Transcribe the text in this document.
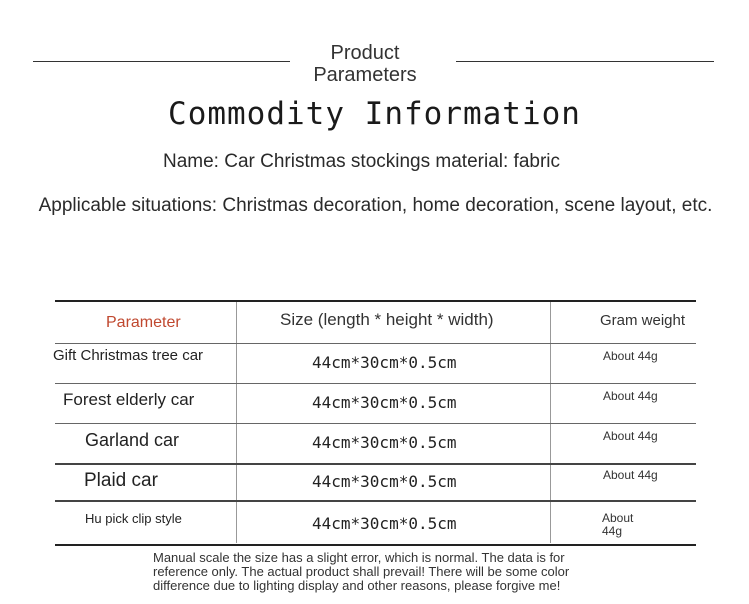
Product
Parameters
Commodity Information
Name: Car Christmas stockings material: fabric
Applicable situations: Christmas decoration, home decoration, scene layout, etc.
Parameter	Size (length * height * width)	Gram weight
Gift Christmas tree car	44cm*30cm*0.5cm	About 44g
Forest elderly car	44cm*30cm*0.5cm	About 44g
Garland car	44cm*30cm*0.5cm	About 44g
Plaid car	44cm*30cm*0.5cm	About 44g
Hu pick clip style	44cm*30cm*0.5cm	About
44g
Manual scale the size has a slight error, which is normal. The data is for reference only. The actual product shall prevail! There will be some color difference due to lighting display and other reasons, please forgive me!
